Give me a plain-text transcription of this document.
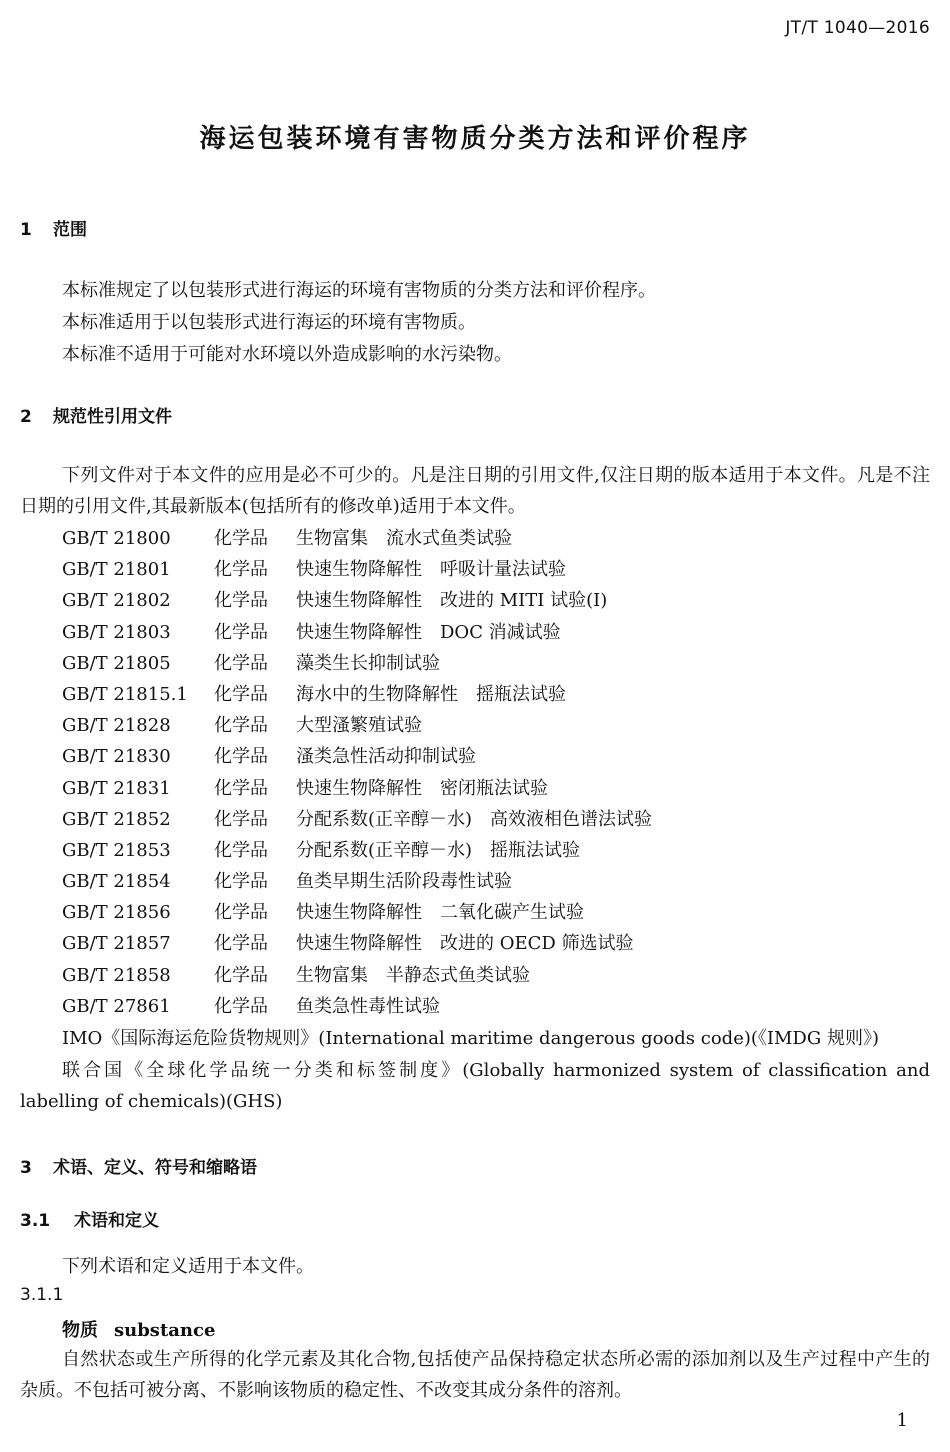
JT/T 1040—2016
海运包装环境有害物质分类方法和评价程序
1 范围
本标准规定了以包装形式进行海运的环境有害物质的分类方法和评价程序。
本标准适用于以包装形式进行海运的环境有害物质。
本标准不适用于可能对水环境以外造成影响的水污染物。
2 规范性引用文件
下列文件对于本文件的应用是必不可少的。凡是注日期的引用文件,仅注日期的版本适用于本文件。凡是不注日期的引用文件,其最新版本(包括所有的修改单)适用于本文件。
GB/T 21800 化学品 生物富集　流水式鱼类试验
GB/T 21801 化学品 快速生物降解性　呼吸计量法试验
GB/T 21802 化学品 快速生物降解性　改进的 MITI 试验(Ⅰ)
GB/T 21803 化学品 快速生物降解性　DOC 消减试验
GB/T 21805 化学品 藻类生长抑制试验
GB/T 21815.1 化学品 海水中的生物降解性　摇瓶法试验
GB/T 21828 化学品 大型溞繁殖试验
GB/T 21830 化学品 溞类急性活动抑制试验
GB/T 21831 化学品 快速生物降解性　密闭瓶法试验
GB/T 21852 化学品 分配系数(正辛醇－水)　高效液相色谱法试验
GB/T 21853 化学品 分配系数(正辛醇－水)　摇瓶法试验
GB/T 21854 化学品 鱼类早期生活阶段毒性试验
GB/T 21856 化学品 快速生物降解性　二氧化碳产生试验
GB/T 21857 化学品 快速生物降解性　改进的 OECD 筛选试验
GB/T 21858 化学品 生物富集　半静态式鱼类试验
GB/T 27861 化学品 鱼类急性毒性试验
IMO《国际海运危险货物规则》(International maritime dangerous goods code)(《IMDG 规则》)
联合国《全球化学品统一分类和标签制度》(Globally harmonized system of classification and labelling of chemicals)(GHS)
3 术语、定义、符号和缩略语
3.1 术语和定义
下列术语和定义适用于本文件。
3.1.1
物质 substance
自然状态或生产所得的化学元素及其化合物,包括使产品保持稳定状态所必需的添加剂以及生产过程中产生的杂质。不包括可被分离、不影响该物质的稳定性、不改变其成分条件的溶剂。
1
